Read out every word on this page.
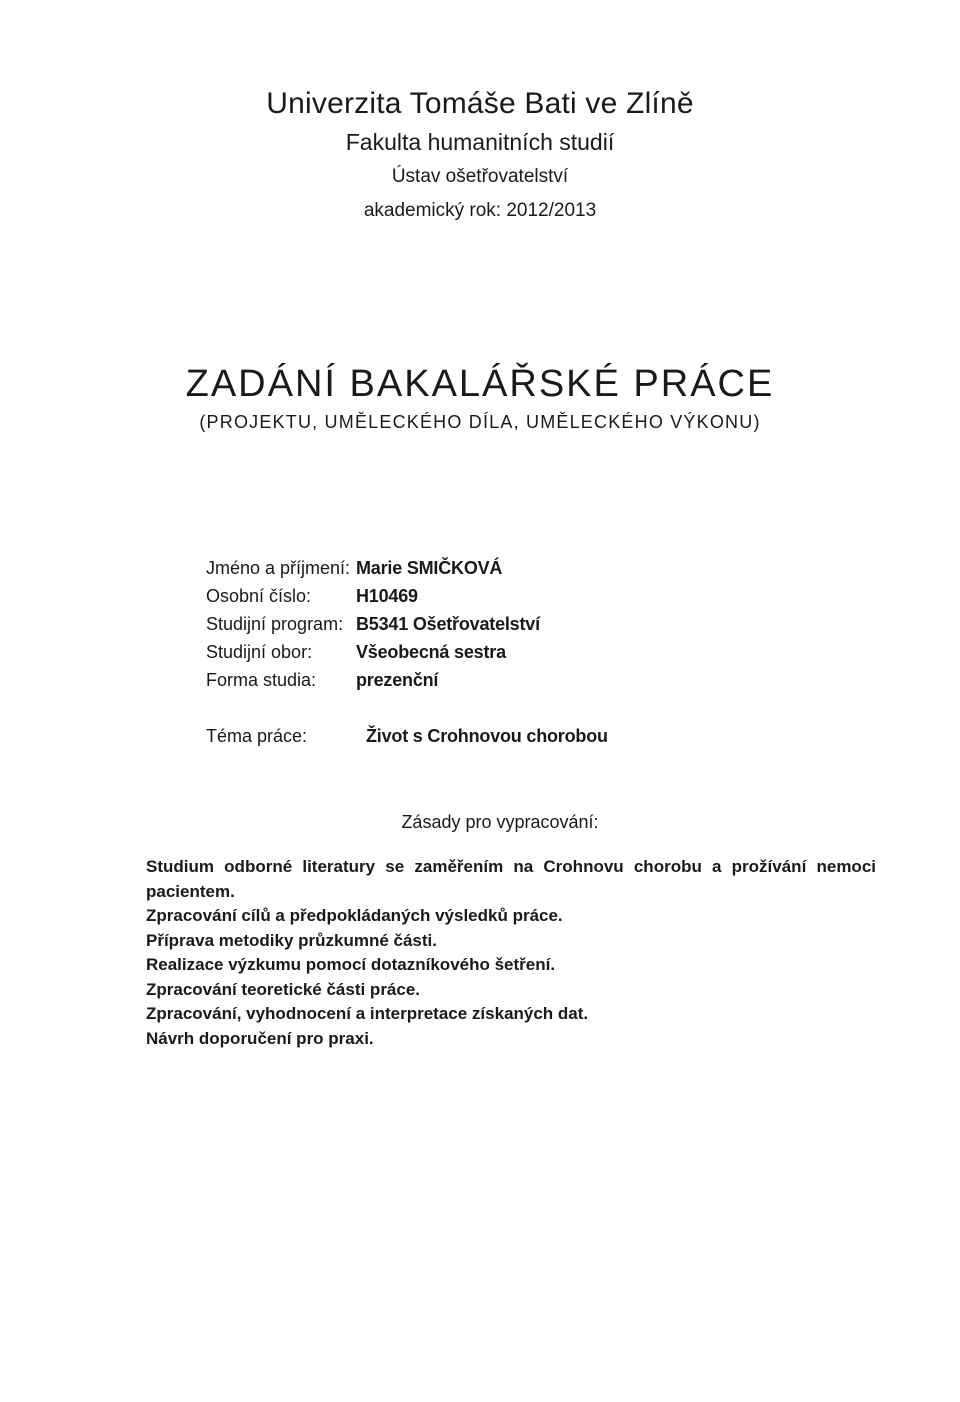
Univerzita Tomáše Bati ve Zlíně
Fakulta humanitních studií
Ústav ošetřovatelství
akademický rok: 2012/2013
ZADÁNÍ BAKALÁŘSKÉ PRÁCE
(PROJEKTU, UMĚLECKÉHO DÍLA, UMĚLECKÉHO VÝKONU)
Jméno a příjmení: Marie SMIČKOVÁ
Osobní číslo:	H10469
Studijní program: B5341 Ošetřovatelství
Studijní obor:	Všeobecná sestra
Forma studia:	prezenční
Téma práce:	Život s Crohnovou chorobou
Zásady pro vypracování:

Studium odborné literatury se zaměřením na Crohnovu chorobu a prožívání nemoci pacientem.

Zpracování cílů a předpokládaných výsledků práce.

Příprava metodiky průzkumné části.

Realizace výzkumu pomocí dotazníkového šetření.

Zpracování teoretické části práce.

Zpracování, vyhodnocení a interpretace získaných dat.

Návrh doporučení pro praxi.
